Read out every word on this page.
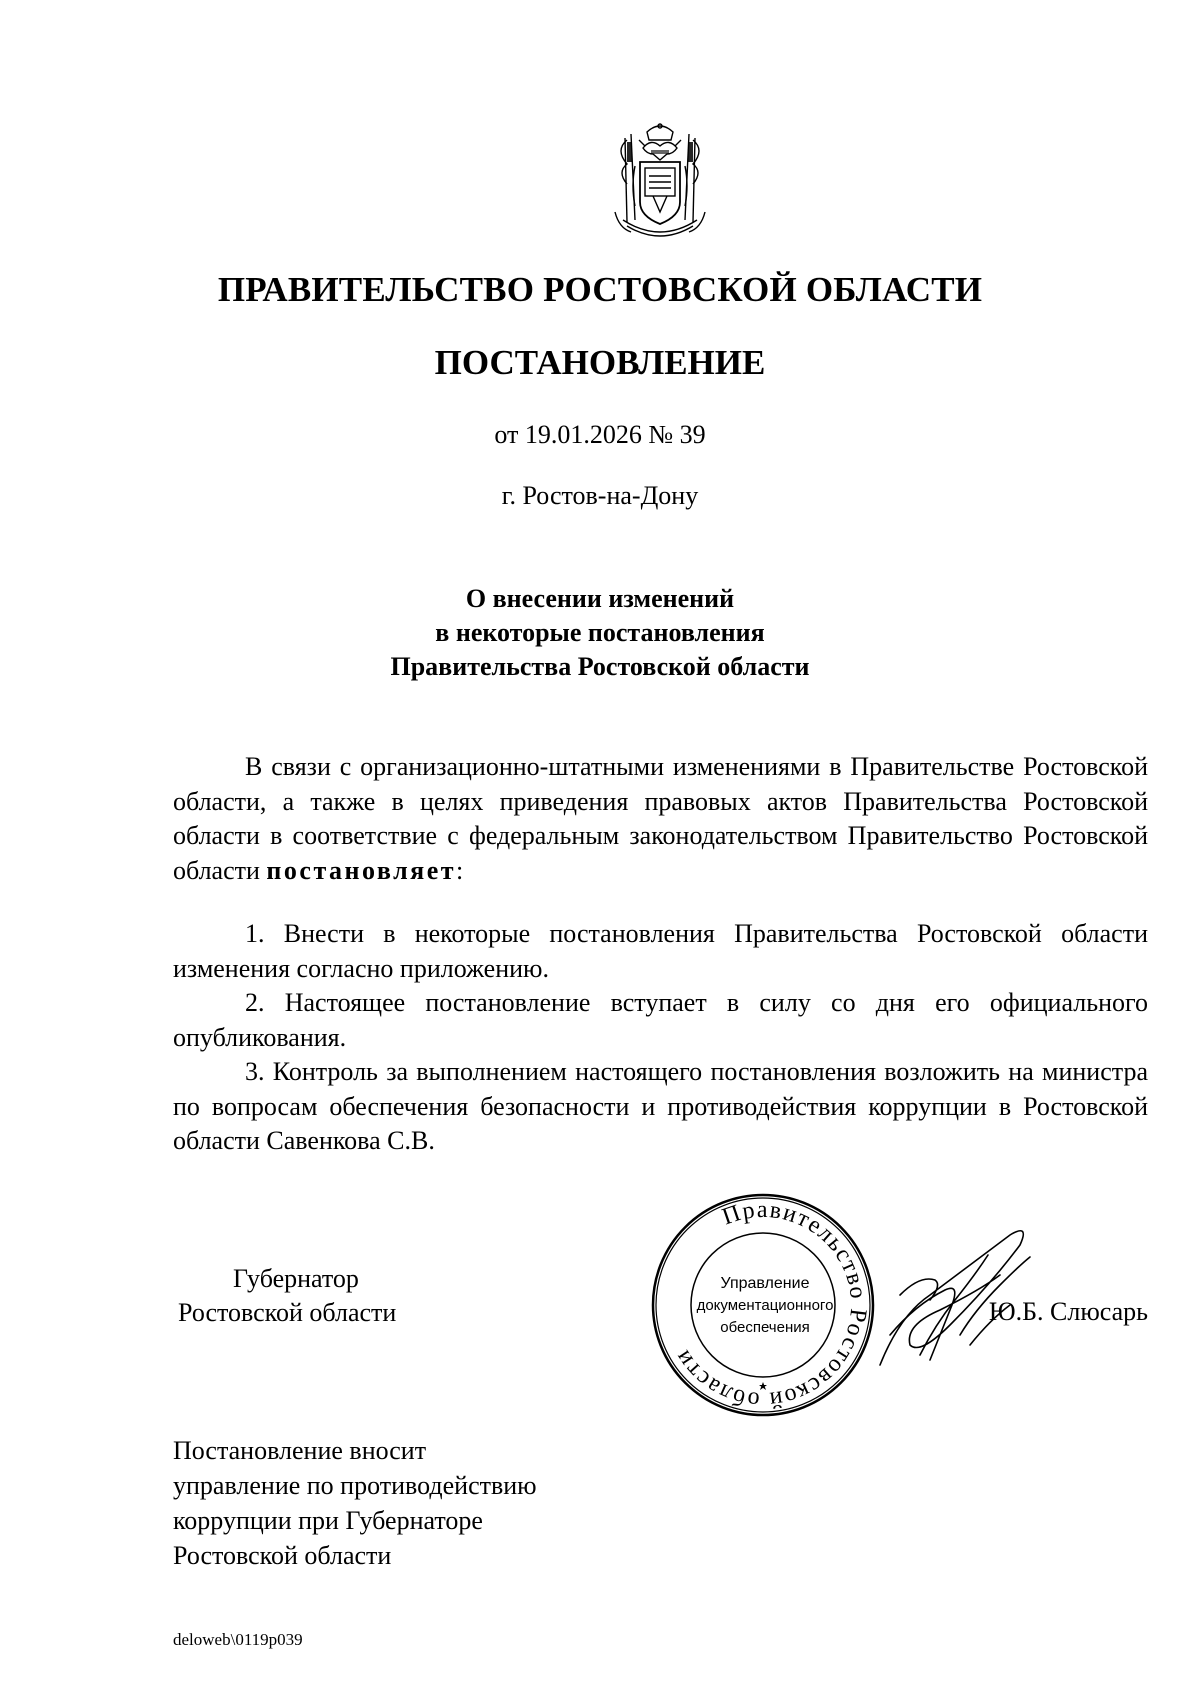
ПРАВИТЕЛЬСТВО РОСТОВСКОЙ ОБЛАСТИ
ПОСТАНОВЛЕНИЕ
от 19.01.2026 № 39
г. Ростов-на-Дону
О внесении изменений
в некоторые постановления
Правительства Ростовской области

В связи с организационно-штатными изменениями в Правительстве Ростовской области, а также в целях приведения правовых актов Правительства Ростовской области в соответствие с федеральным законодательством Правительство Ростовской области постановляет:

1. Внести в некоторые постановления Правительства Ростовской области изменения согласно приложению.

2. Настоящее постановление вступает в силу со дня его официального опубликования.

3. Контроль за выполнением настоящего постановления возложить на министра по вопросам обеспечения безопасности и противодействия коррупции в Ростовской области Савенкова С.В.

Губернатор
Ростовской области
Правительство Ростовской области
Управление
документационного
обеспечения
Ю.Б. Слюсарь
Постановление вносит
управление по противодействию
коррупции при Губернаторе
Ростовской области
deloweb\0119p039
